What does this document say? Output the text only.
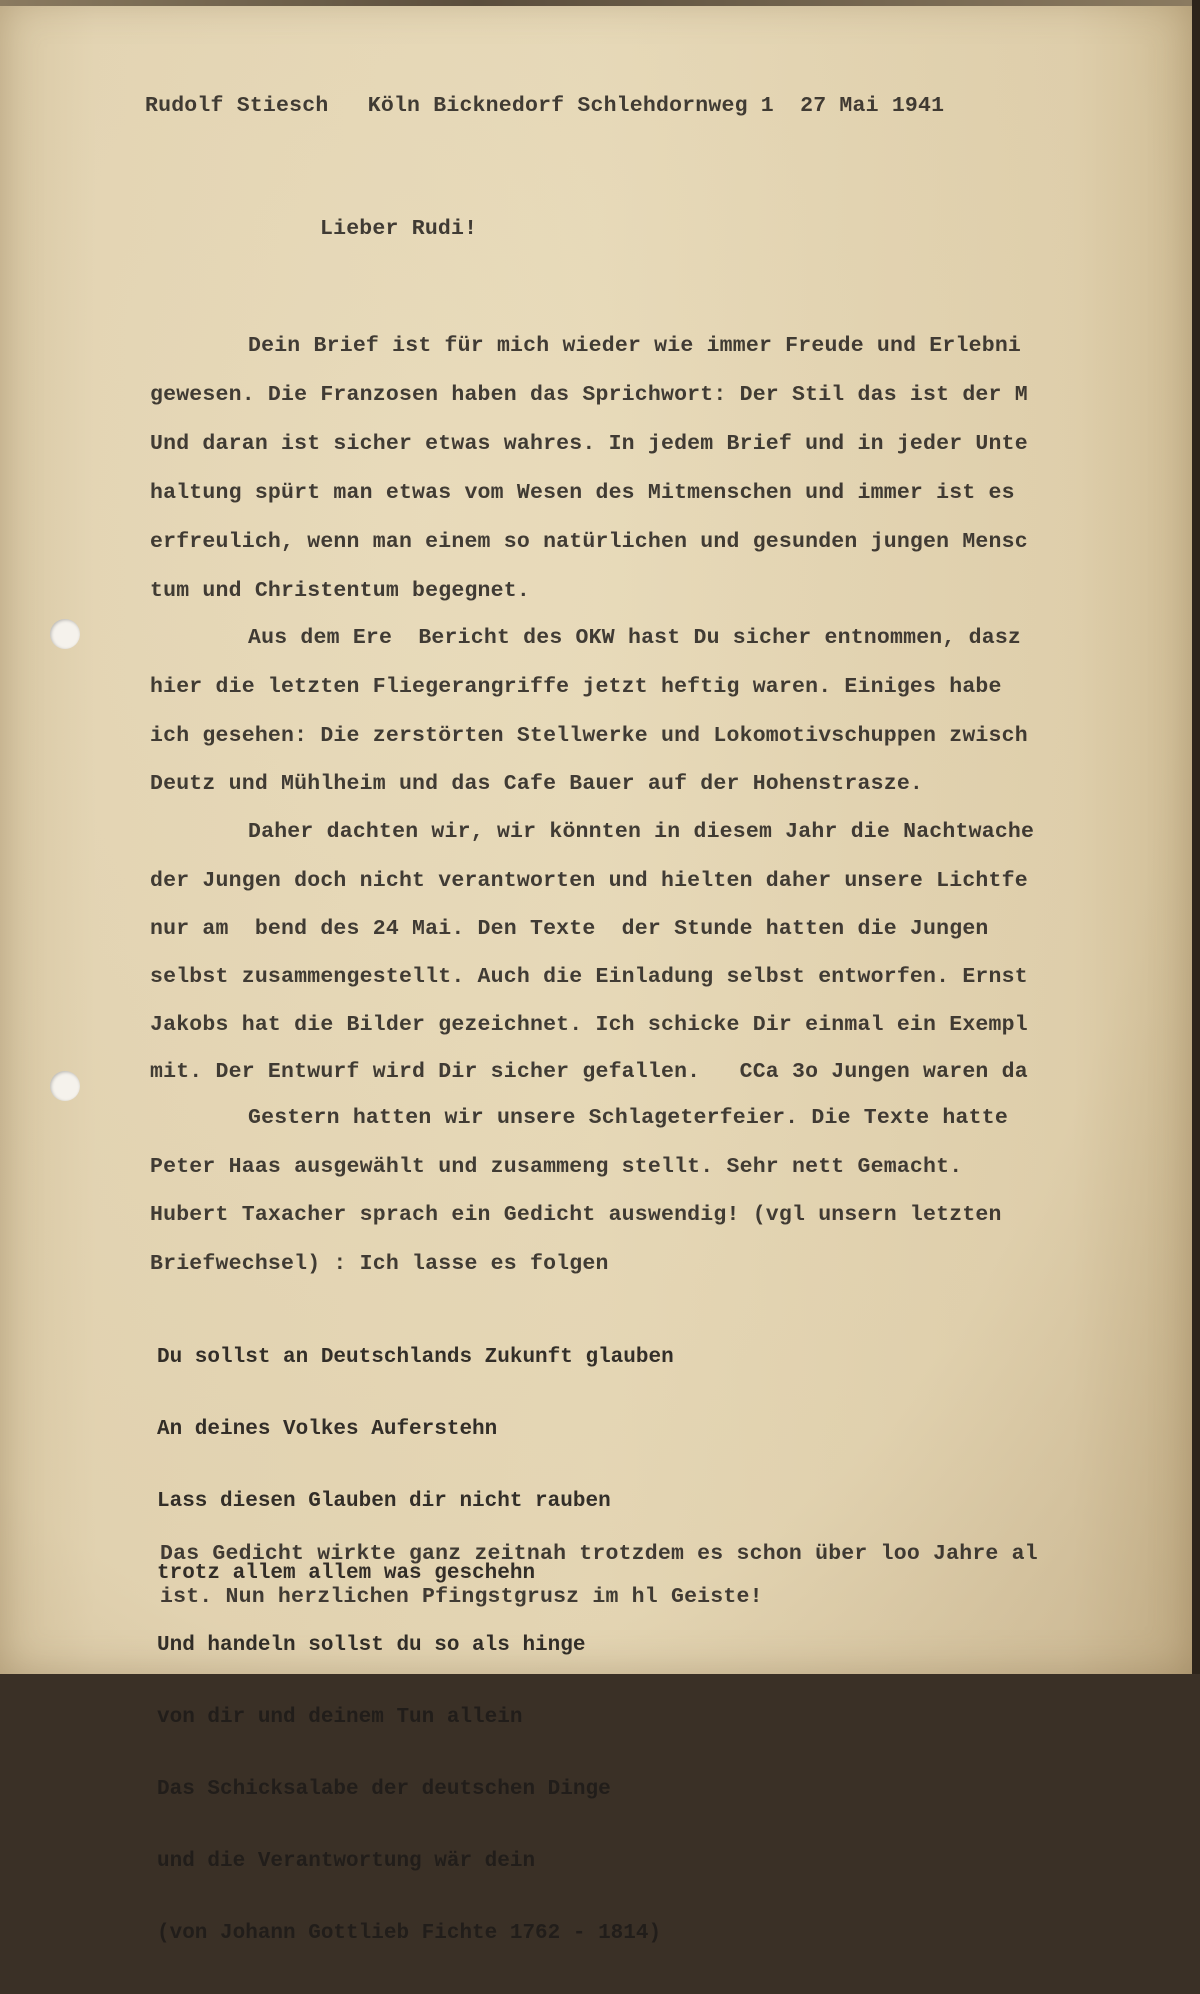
Rudolf Stiesch   Köln Bicknedorf Schlehdornweg 1  27 Mai 1941
Lieber Rudi!
Dein Brief ist für mich wieder wie immer Freude und Erlebni
gewesen. Die Franzosen haben das Sprichwort: Der Stil das ist der M
Und daran ist sicher etwas wahres. In jedem Brief und in jeder Unte
haltung spürt man etwas vom Wesen des Mitmenschen und immer ist es
erfreulich, wenn man einem so natürlichen und gesunden jungen Mensc
tum und Christentum begegnet.
Aus dem Ere  Bericht des OKW hast Du sicher entnommen, dasz
hier die letzten Fliegerangriffe jetzt heftig waren. Einiges habe
ich gesehen: Die zerstörten Stellwerke und Lokomotivschuppen zwisch
Deutz und Mühlheim und das Cafe Bauer auf der Hohenstrasze.
Daher dachten wir, wir könnten in diesem Jahr die Nachtwache
der Jungen doch nicht verantworten und hielten daher unsere Lichtfe
nur am  bend des 24 Mai. Den Texte  der Stunde hatten die Jungen
selbst zusammengestellt. Auch die Einladung selbst entworfen. Ernst
Jakobs hat die Bilder gezeichnet. Ich schicke Dir einmal ein Exempl
mit. Der Entwurf wird Dir sicher gefallen.   CCa 3o Jungen waren da
Gestern hatten wir unsere Schlageterfeier. Die Texte hatte
Peter Haas ausgewählt und zusammeng stellt. Sehr nett Gemacht.
Hubert Taxacher sprach ein Gedicht auswendig! (vgl unsern letzten
Briefwechsel) : Ich lasse es folgen

Du sollst an Deutschlands Zukunft glauben

An deines Volkes Auferstehn

Lass diesen Glauben dir nicht rauben

trotz allem allem was geschehn

Und handeln sollst du so als hinge

von dir und deinem Tun allein

Das Schicksalabe der deutschen Dinge

und die Verantwortung wär dein

(von Johann Gottlieb Fichte 1762 - 1814)

Das Gedicht wirkte ganz zeitnah trotzdem es schon über loo Jahre al
ist. Nun herzlichen Pfingstgrusz im hl Geiste!
